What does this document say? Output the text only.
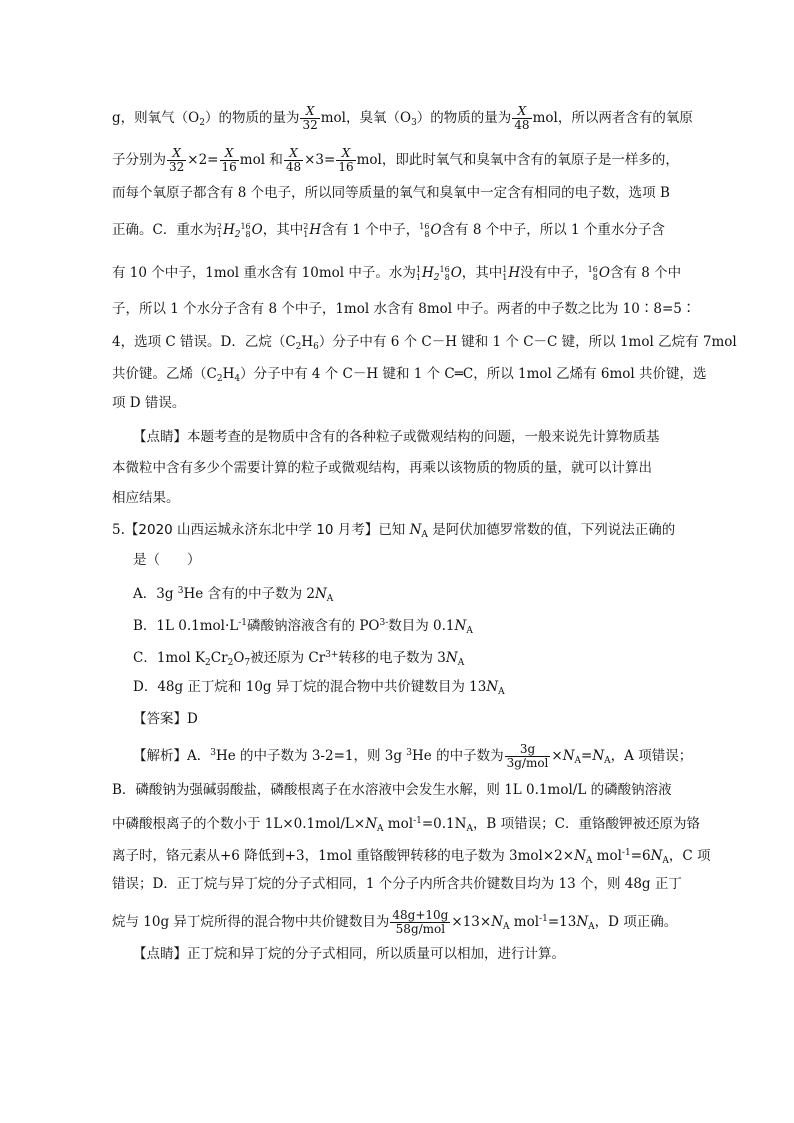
g，则氧气$(O_2)$的物质的量为 $\frac{X}{32}$ mol，臭氧$(O_3)$的物质的量为 $\frac{X}{48}$ mol，所以两者含有的氧原
子分别为 $\frac{X}{32} \times 2= \frac{X}{16}$ mol 和 $\frac{X}{48} \times 3= \frac{X}{16}$ mol，即此时氧气和臭氧中含有的氧原子是一样多的，
而每个氧原子都含有 8 个电子，所以同等质量的氧气和臭氧中一定含有相同的电子数，选项 B
正确。C．重水为 2
1 $H_2$
16
8 O，其中 2
1 H含有 1 个中子， 16
8 O含有 8 个中子，所以 1 个重水分子含
有 10 个中子，1mol 重水含有 10mol 中子。水为 1
1 $H_2$
16
8 O，其中 1
1 H没有中子， 16
8 O含有 8 个中
子，所以 1 个水分子含有 8 个中子，1mol 水含有 8mol 中子。两者的中子数之比为 10∶8=5∶
4，选项 C 错误。D．乙烷$(C_2H_6)$分子中有 6 个 C－H 键和 1 个 C－C 键，所以 1mol 乙烷有 7mol
共价键。乙烯$(C_2H_4)$分子中有 4 个 C－H 键和 1 个 C═C，所以 1mol 乙烯有 6mol 共价键，选
项 D 错误。
【点睛】本题考查的是物质中含有的各种粒子或微观结构的问题，一般来说先计算物质基
本微粒中含有多少个需要计算的粒子或微观结构，再乘以该物质的物质的量，就可以计算出
相应结果。
5.【2020 山西运城永济东北中学 10 月考】已知 $N_A$ 是阿伏加德罗常数的值，下列说法正确的
是（　　）
A．3g $^3$He 含有的中子数为 $2N_A$
B．1L $0.1mol\cdot L^{-1}$磷酸钠溶液含有的 $PO^{3-}$数目为 $0.1N_A$
C．1mol $K_2Cr_2O_7$被还原为 $Cr^{3+}$转移的电子数为 $3N_A$
D．48g 正丁烷和 10g 异丁烷的混合物中共价键数目为 $13N_A$
【答案】D
【解析】A．$^3$He 的中子数为 3-2=1，则 3g $^3$He 的中子数为 $\frac{3g}{\text{3g/mol}} \times N_A=N_A$，A 项错误；
B．磷酸钠为强碱弱酸盐，磷酸根离子在水溶液中会发生水解，则 1L 0.1mol/L 的磷酸钠溶液
中磷酸根离子的个数小于 $1L\times 0.1mol/L\times N_A$ $mol^{-1}=0.1N_A$，B 项错误；C．重铬酸钾被还原为铬
离子时，铬元素从+6 降低到+3，1mol 重铬酸钾转移的电子数为 $3mol\times 2\times N_A$ $mol^{-1}=6N_A$，C 项
错误；D．正丁烷与异丁烷的分子式相同，1 个分子内所含共价键数目均为 13 个，则 48g 正丁
烷与 10g 异丁烷所得的混合物中共价键数目为 $\frac{48g+10g}{\text{58g/mol}} \times 13\times N_A$ $mol^{-1}=13N_A$，D 项正确。
【点睛】正丁烷和异丁烷的分子式相同，所以质量可以相加，进行计算。
